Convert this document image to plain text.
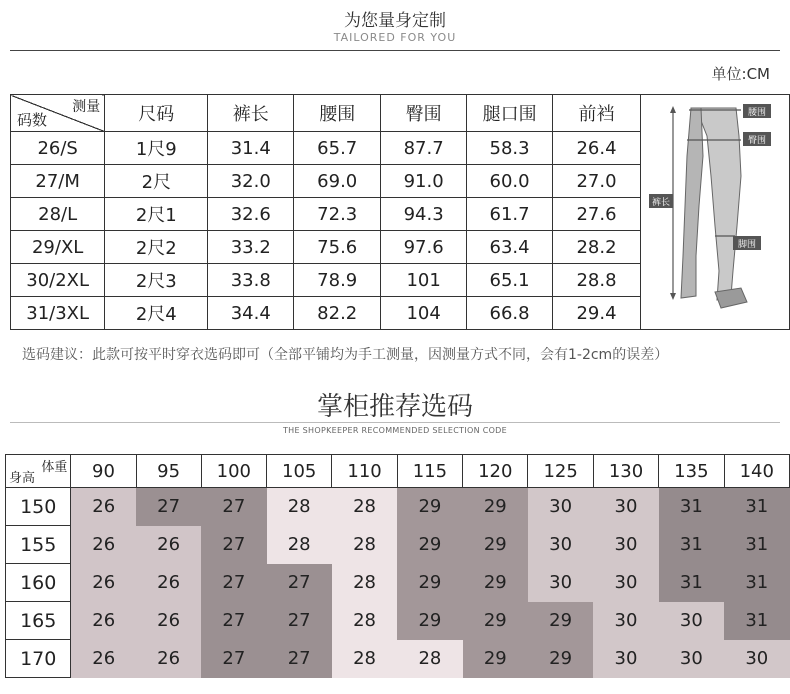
为您量身定制
TAILORED FOR YOU
单位:CM
测量
码数	尺码	裤长	腰围	臀围	腿口围	前裆	腰围
臀围
裤长
脚围

26/S	1尺9	31.4	65.7	87.7	58.3	26.4	
27/M	2尺	32.0	69.0	91.0	60.0	27.0	
28/L	2尺1	32.6	72.3	94.3	61.7	27.6	
29/XL	2尺2	33.2	75.6	97.6	63.4	28.2	
30/2XL	2尺3	33.8	78.9	101	65.1	28.8	
31/3XL	2尺4	34.4	82.2	104	66.8	29.4	
选码建议：此款可按平时穿衣选码即可（全部平铺均为手工测量，因测量方式不同，会有1-2cm的误差）
掌柜推荐选码
THE SHOPKEEPER RECOMMENDED SELECTION CODE
体重
身高	90	95	100	105	110	115	120	125	130	135	140
150	26	27	27	28	28	29	29	30	30	31	31
155	26	26	27	28	28	29	29	30	30	31	31
160	26	26	27	27	28	29	29	30	30	31	31
165	26	26	27	27	28	29	29	29	30	30	31
170	26	26	27	27	28	28	29	29	30	30	30
